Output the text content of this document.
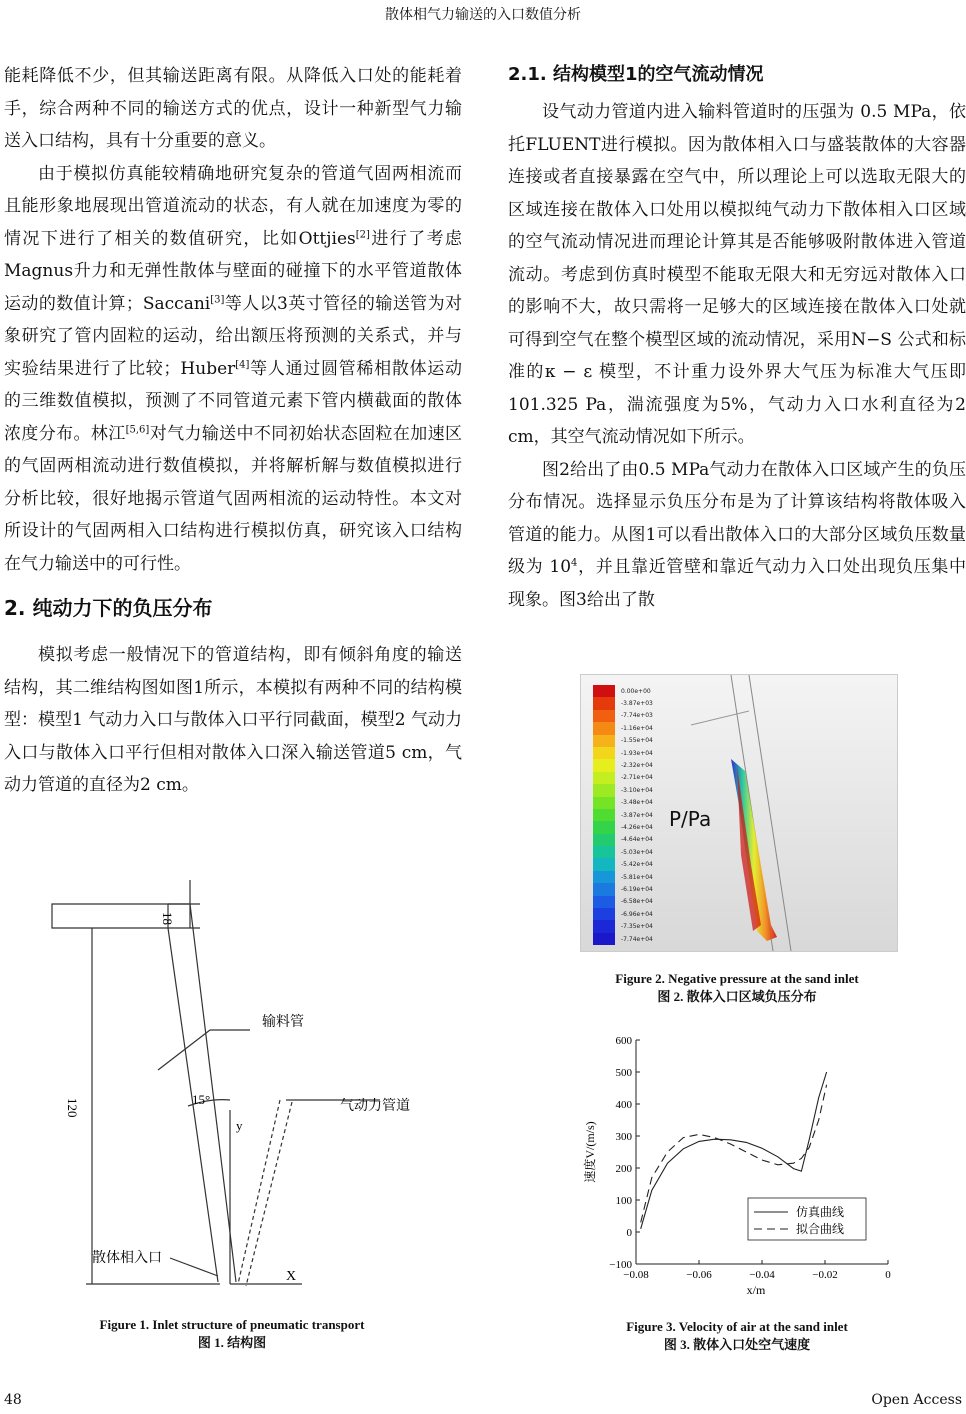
散体相气力输送的入口数值分析

能耗降低不少，但其输送距离有限。从降低入口处的能耗着手，综合两种不同的输送方式的优点，设计一种新型气力输送入口结构，具有十分重要的意义。

由于模拟仿真能较精确地研究复杂的管道气固两相流而且能形象地展现出管道流动的状态，有人就在加速度为零的情况下进行了相关的数值研究，比如Ottjies[2]进行了考虑Magnus升力和无弹性散体与壁面的碰撞下的水平管道散体运动的数值计算；Saccani[3]等人以3英寸管径的输送管为对象研究了管内固粒的运动，给出额压将预测的关系式，并与实验结果进行了比较；Huber[4]等人通过圆管稀相散体运动的三维数值模拟，预测了不同管道元素下管内横截面的散体浓度分布。林江[5,6]对气力输送中不同初始状态固粒在加速区的气固两相流动进行数值模拟，并将解析解与数值模拟进行分析比较，很好地揭示管道气固两相流的运动特性。本文对所设计的气固两相入口结构进行模拟仿真，研究该入口结构在气力输送中的可行性。

2. 纯动力下的负压分布

模拟考虑一般情况下的管道结构，即有倾斜角度的输送结构，其二维结构图如图1所示，本模拟有两种不同的结构模型：模型1 气动力入口与散体入口平行同截面，模型2 气动力入口与散体入口平行但相对散体入口深入输送管道5 cm，气动力管道的直径为2 cm。

2.1. 结构模型1的空气流动情况

设气动力管道内进入输料管道时的压强为 0.5 MPa，依托FLUENT进行模拟。因为散体相入口与盛装散体的大容器连接或者直接暴露在空气中，所以理论上可以选取无限大的区域连接在散体入口处用以模拟纯气动力下散体相入口区域的空气流动情况进而理论计算其是否能够吸附散体进入管道流动。考虑到仿真时模型不能取无限大和无穷远对散体入口的影响不大，故只需将一足够大的区域连接在散体入口处就可得到空气在整个模型区域的流动情况，采用N−S 公式和标准的κ − ε 模型，不计重力设外界大气压为标准大气压即101.325 Pa，湍流强度为5%，气动力入口水利直径为2 cm，其空气流动情况如下所示。

图2给出了由0.5 MPa气动力在散体入口区域产生的负压分布情况。选择显示负压分布是为了计算该结构将散体吸入管道的能力。从图1可以看出散体入口的大部分区域负压数量级为 $10^4$，并且靠近管壁和靠近气动力入口处出现负压集中现象。图3给出了散

输料管
气动力管道
散体相入口
18
120	15°
y
X
Figure 1. Inlet structure of pneumatic transport
图 1. 结构图
0.00e+00
-3.87e+03
-7.74e+03
-1.16e+04
-1.55e+04
-1.93e+04
-2.32e+04
-2.71e+04
-3.10e+04
-3.48e+04
-3.87e+04
-4.26e+04
-4.64e+04
-5.03e+04
-5.42e+04
-5.81e+04
-6.19e+04
-6.58e+04
-6.96e+04
-7.35e+04
-7.74e+04
P/Pa
Figure 2. Negative pressure at the sand inlet
图 2. 散体入口区域负压分布
−100
0
100
200
300
400
500
600
−0.08	−0.06	−0.04	−0.02	0
x/m
速度V/(m/s)
仿真曲线
拟合曲线
Figure 3. Velocity of air at the sand inlet
图 3. 散体入口处空气速度
48	Open Access
